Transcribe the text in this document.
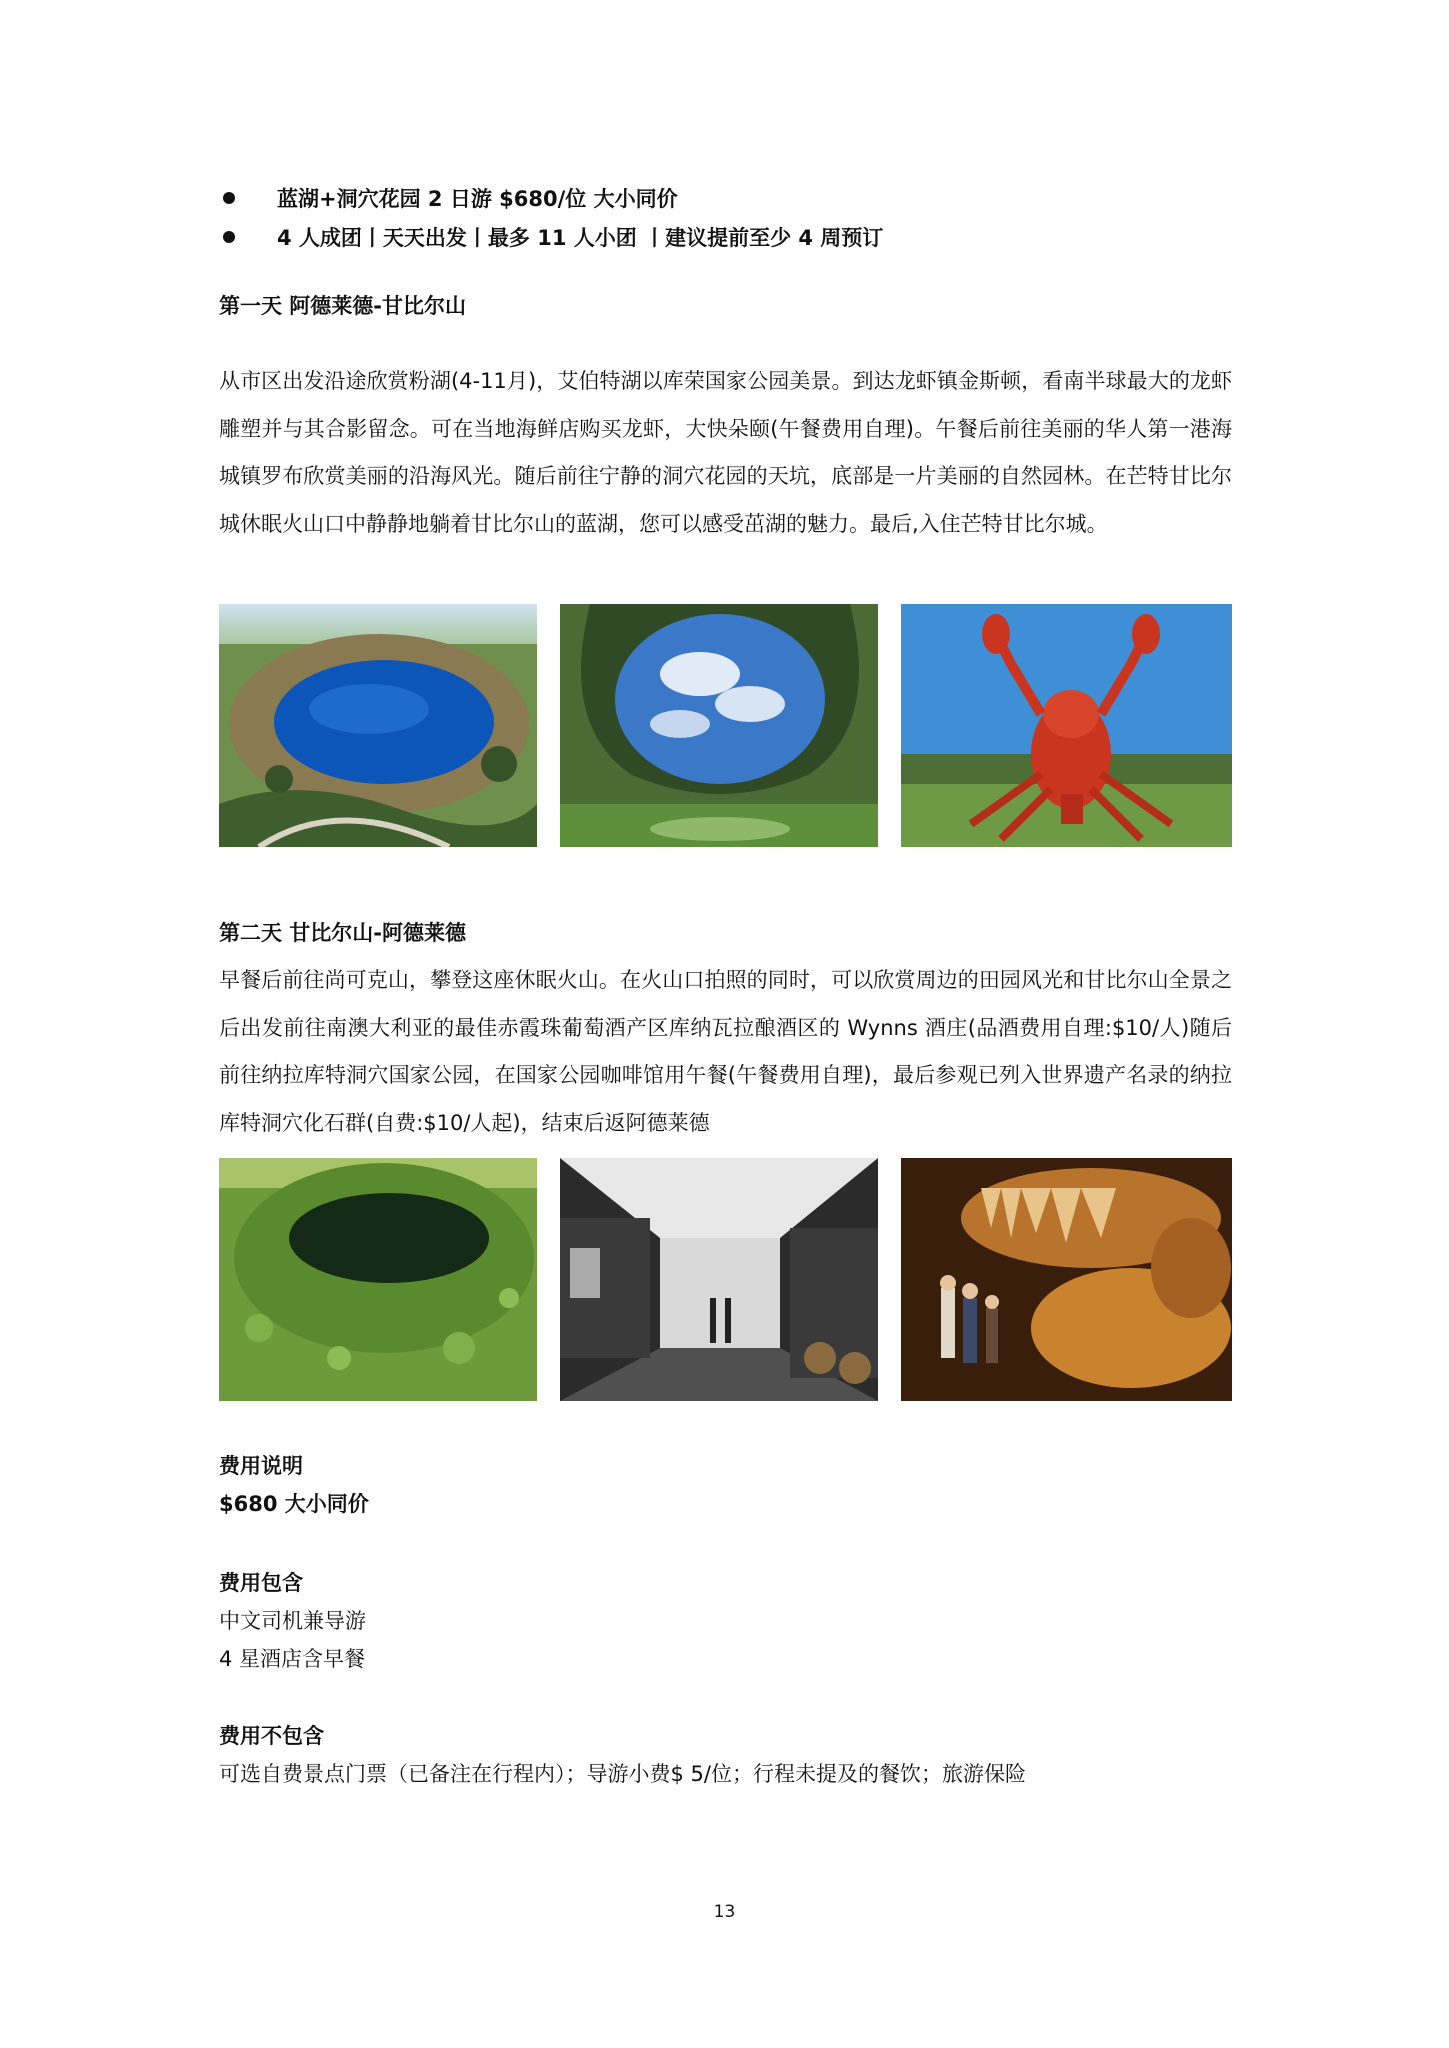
蓝湖+洞穴花园 2 日游 $680/位 大小同价
4 人成团丨天天出发丨最多 11 人小团 丨建议提前至少 4 周预订
第一天 阿德莱德-甘比尔山
从市区出发沿途欣赏粉湖(4-11月)，艾伯特湖以库荣国家公园美景。到达龙虾镇金斯顿，看南半球最大的龙虾雕塑并与其合影留念。可在当地海鲜店购买龙虾，大快朵颐(午餐费用自理)。午餐后前往美丽的华人第一港海城镇罗布欣赏美丽的沿海风光。随后前往宁静的洞穴花园的天坑，底部是一片美丽的自然园林。在芒特甘比尔城休眠火山口中静静地躺着甘比尔山的蓝湖，您可以感受茁湖的魅力。最后,入住芒特甘比尔城。
第二天 甘比尔山-阿德莱德
早餐后前往尚可克山，攀登这座休眠火山。在火山口拍照的同时，可以欣赏周边的田园风光和甘比尔山全景之后出发前往南澳大利亚的最佳赤霞珠葡萄酒产区库纳瓦拉酿酒区的 Wynns 酒庄(品酒费用自理:$10/人)随后前往纳拉库特洞穴国家公园，在国家公园咖啡馆用午餐(午餐费用自理)，最后参观已列入世界遗产名录的纳拉库特洞穴化石群(自费:$10/人起)，结束后返阿德莱德
费用说明
$680 大小同价
费用包含
中文司机兼导游
4 星酒店含早餐
费用不包含
可选自费景点门票（已备注在行程内）；导游小费$ 5/位；行程未提及的餐饮；旅游保险
13
